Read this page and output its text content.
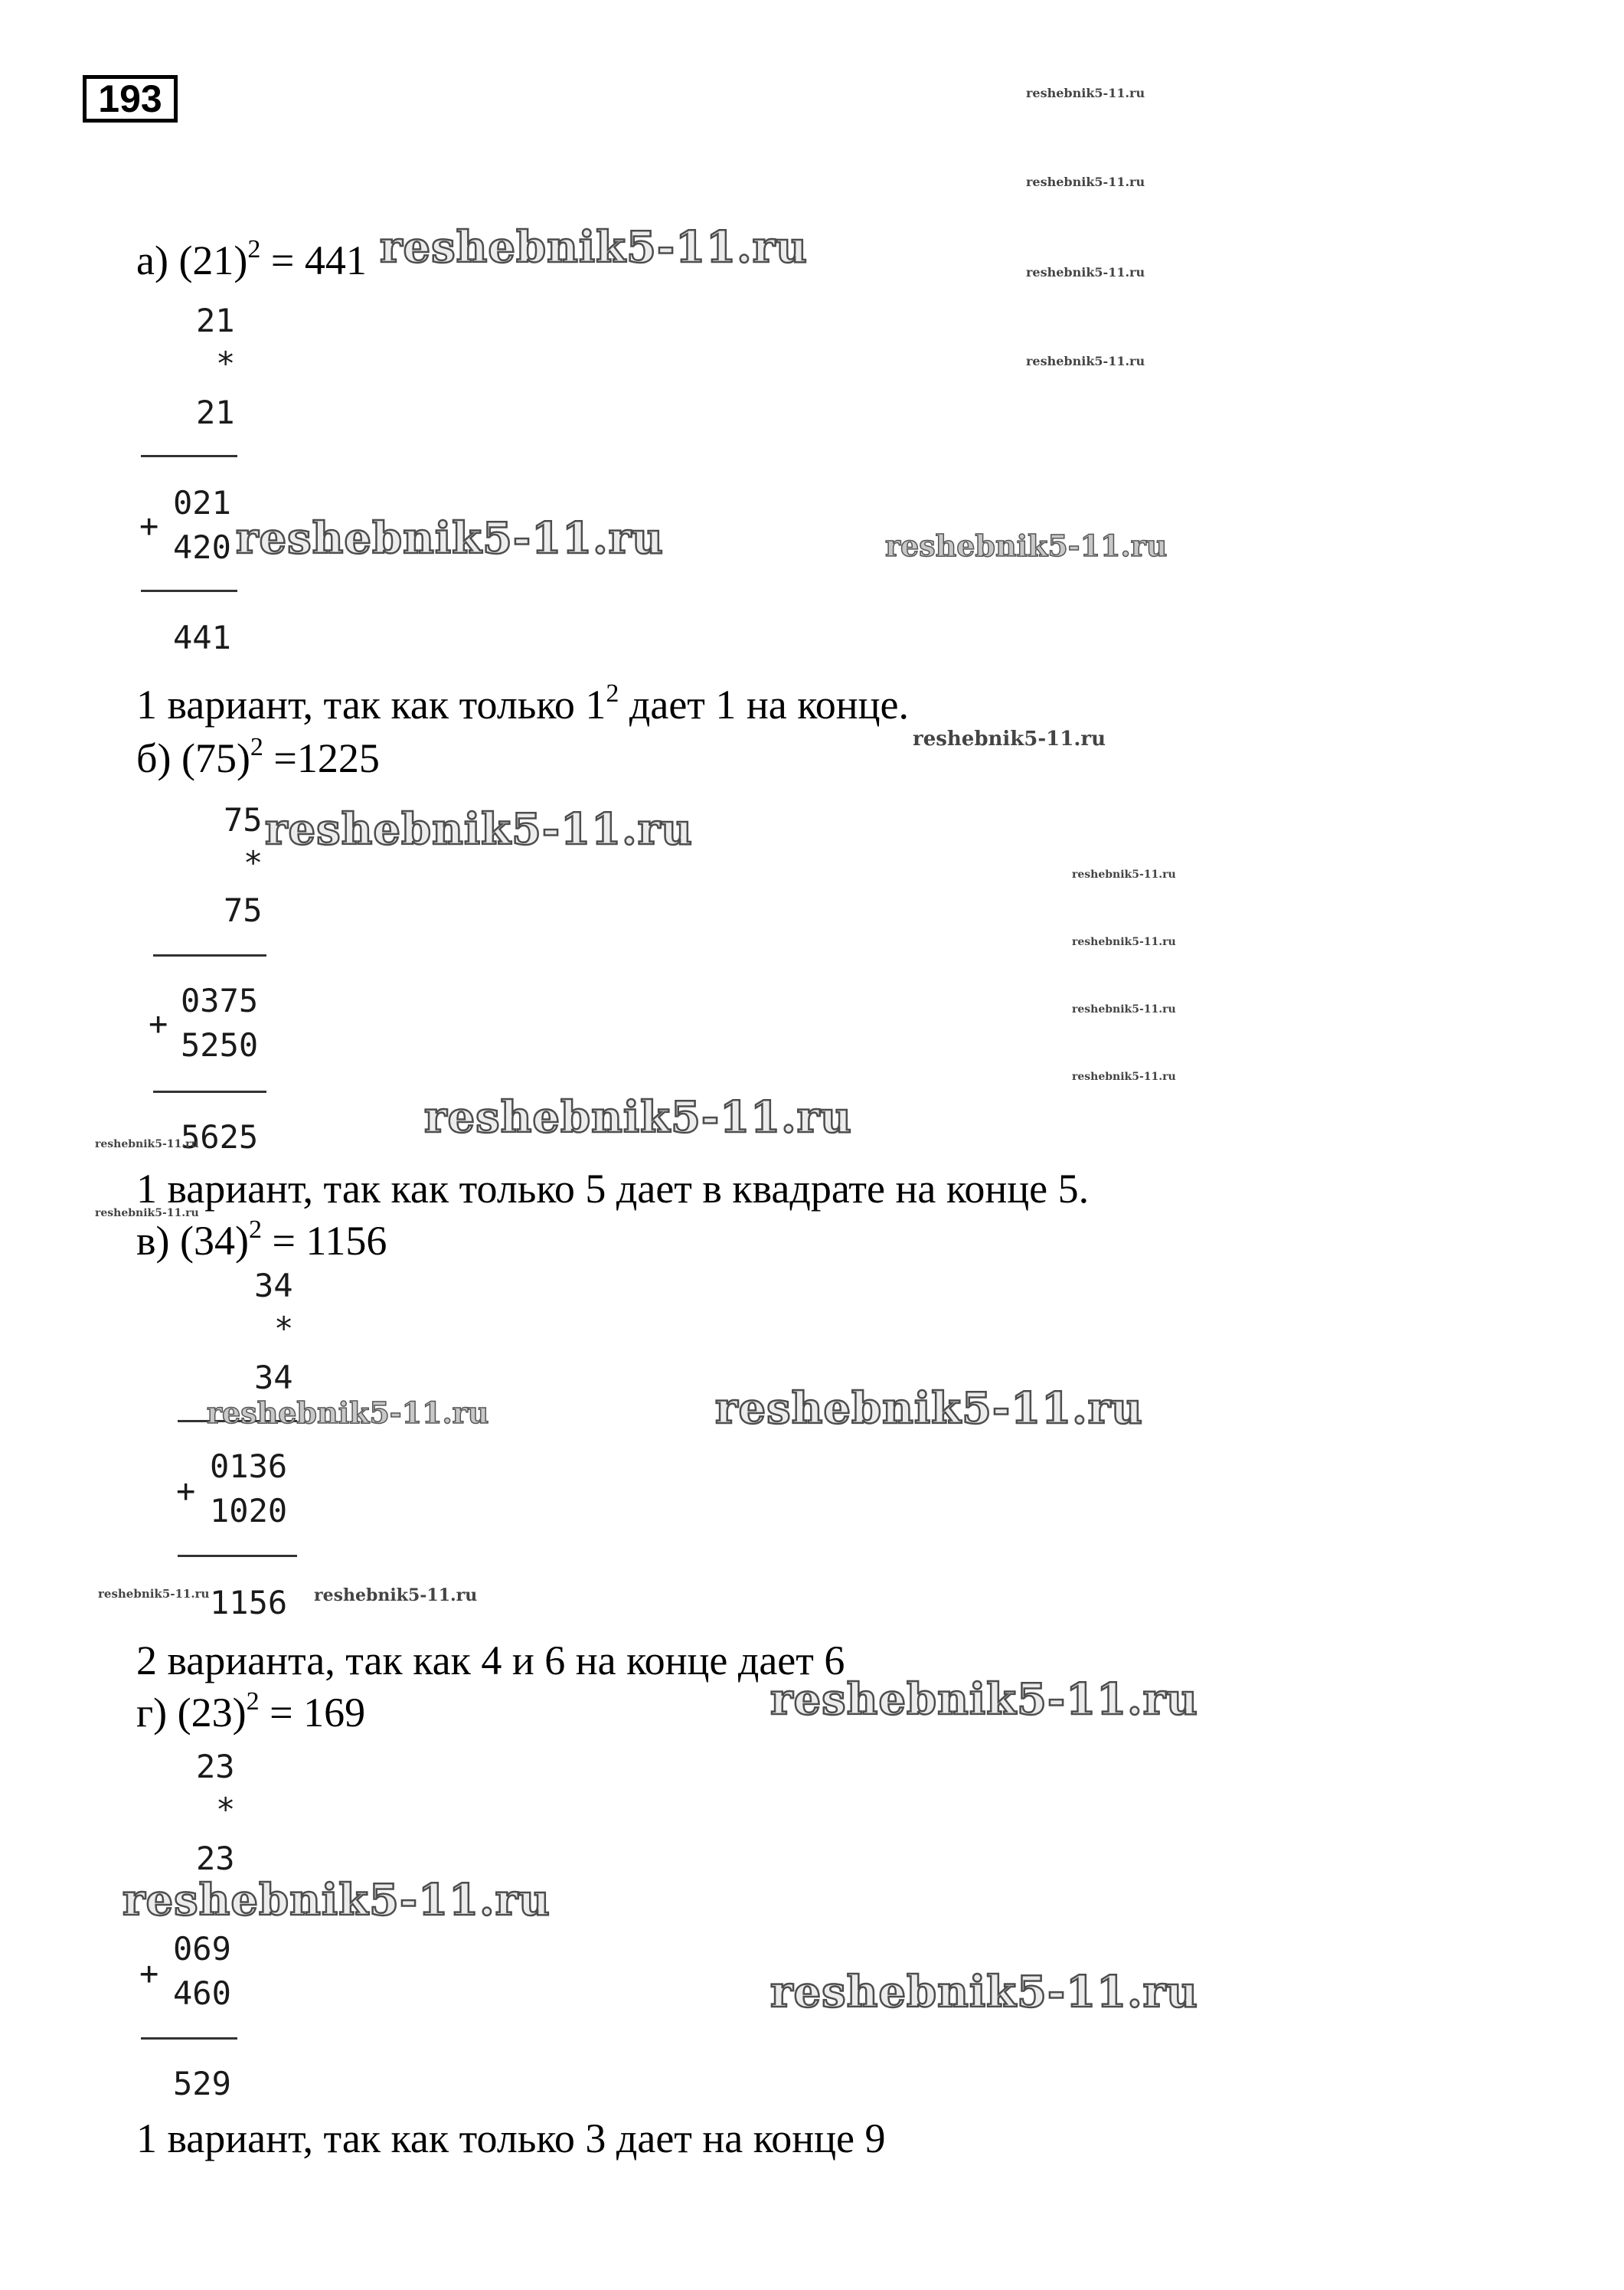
193
а) $(21)^2 = 441$
21
*
21
021
+
420
441
1 вариант, так как только $1^2$ дает 1 на конце.
б) $(75)^2 =1225$
75
*
75
0375
+
5250
5625
1 вариант, так как только 5 дает в квадрате на конце 5.
в) $(34)^2 = 1156$
34
*
34
0136
+
1020
1156
2 варианта, так как 4 и 6 на конце дает 6
г) $(23)^2 = 169$
23
*
23
069
+
460
529
1 вариант, так как только 3 дает на конце 9
reshebnik5-11.ru
reshebnik5-11.ru
reshebnik5-11.ru
reshebnik5-11.ru
reshebnik5-11.ru
reshebnik5-11.ru
reshebnik5-11.ru
reshebnik5-11.ru
reshebnik5-11.ru
reshebnik5-11.ru
reshebnik5-11.ru
reshebnik5-11.ru
reshebnik5-11.ru
reshebnik5-11.ru
reshebnik5-11.ru
reshebnik5-11.ru
reshebnik5-11.ru
reshebnik5-11.ru
reshebnik5-11.ru
reshebnik5-11.ru
reshebnik5-11.ru
reshebnik5-11.ru	reshebnik5-11.ru
